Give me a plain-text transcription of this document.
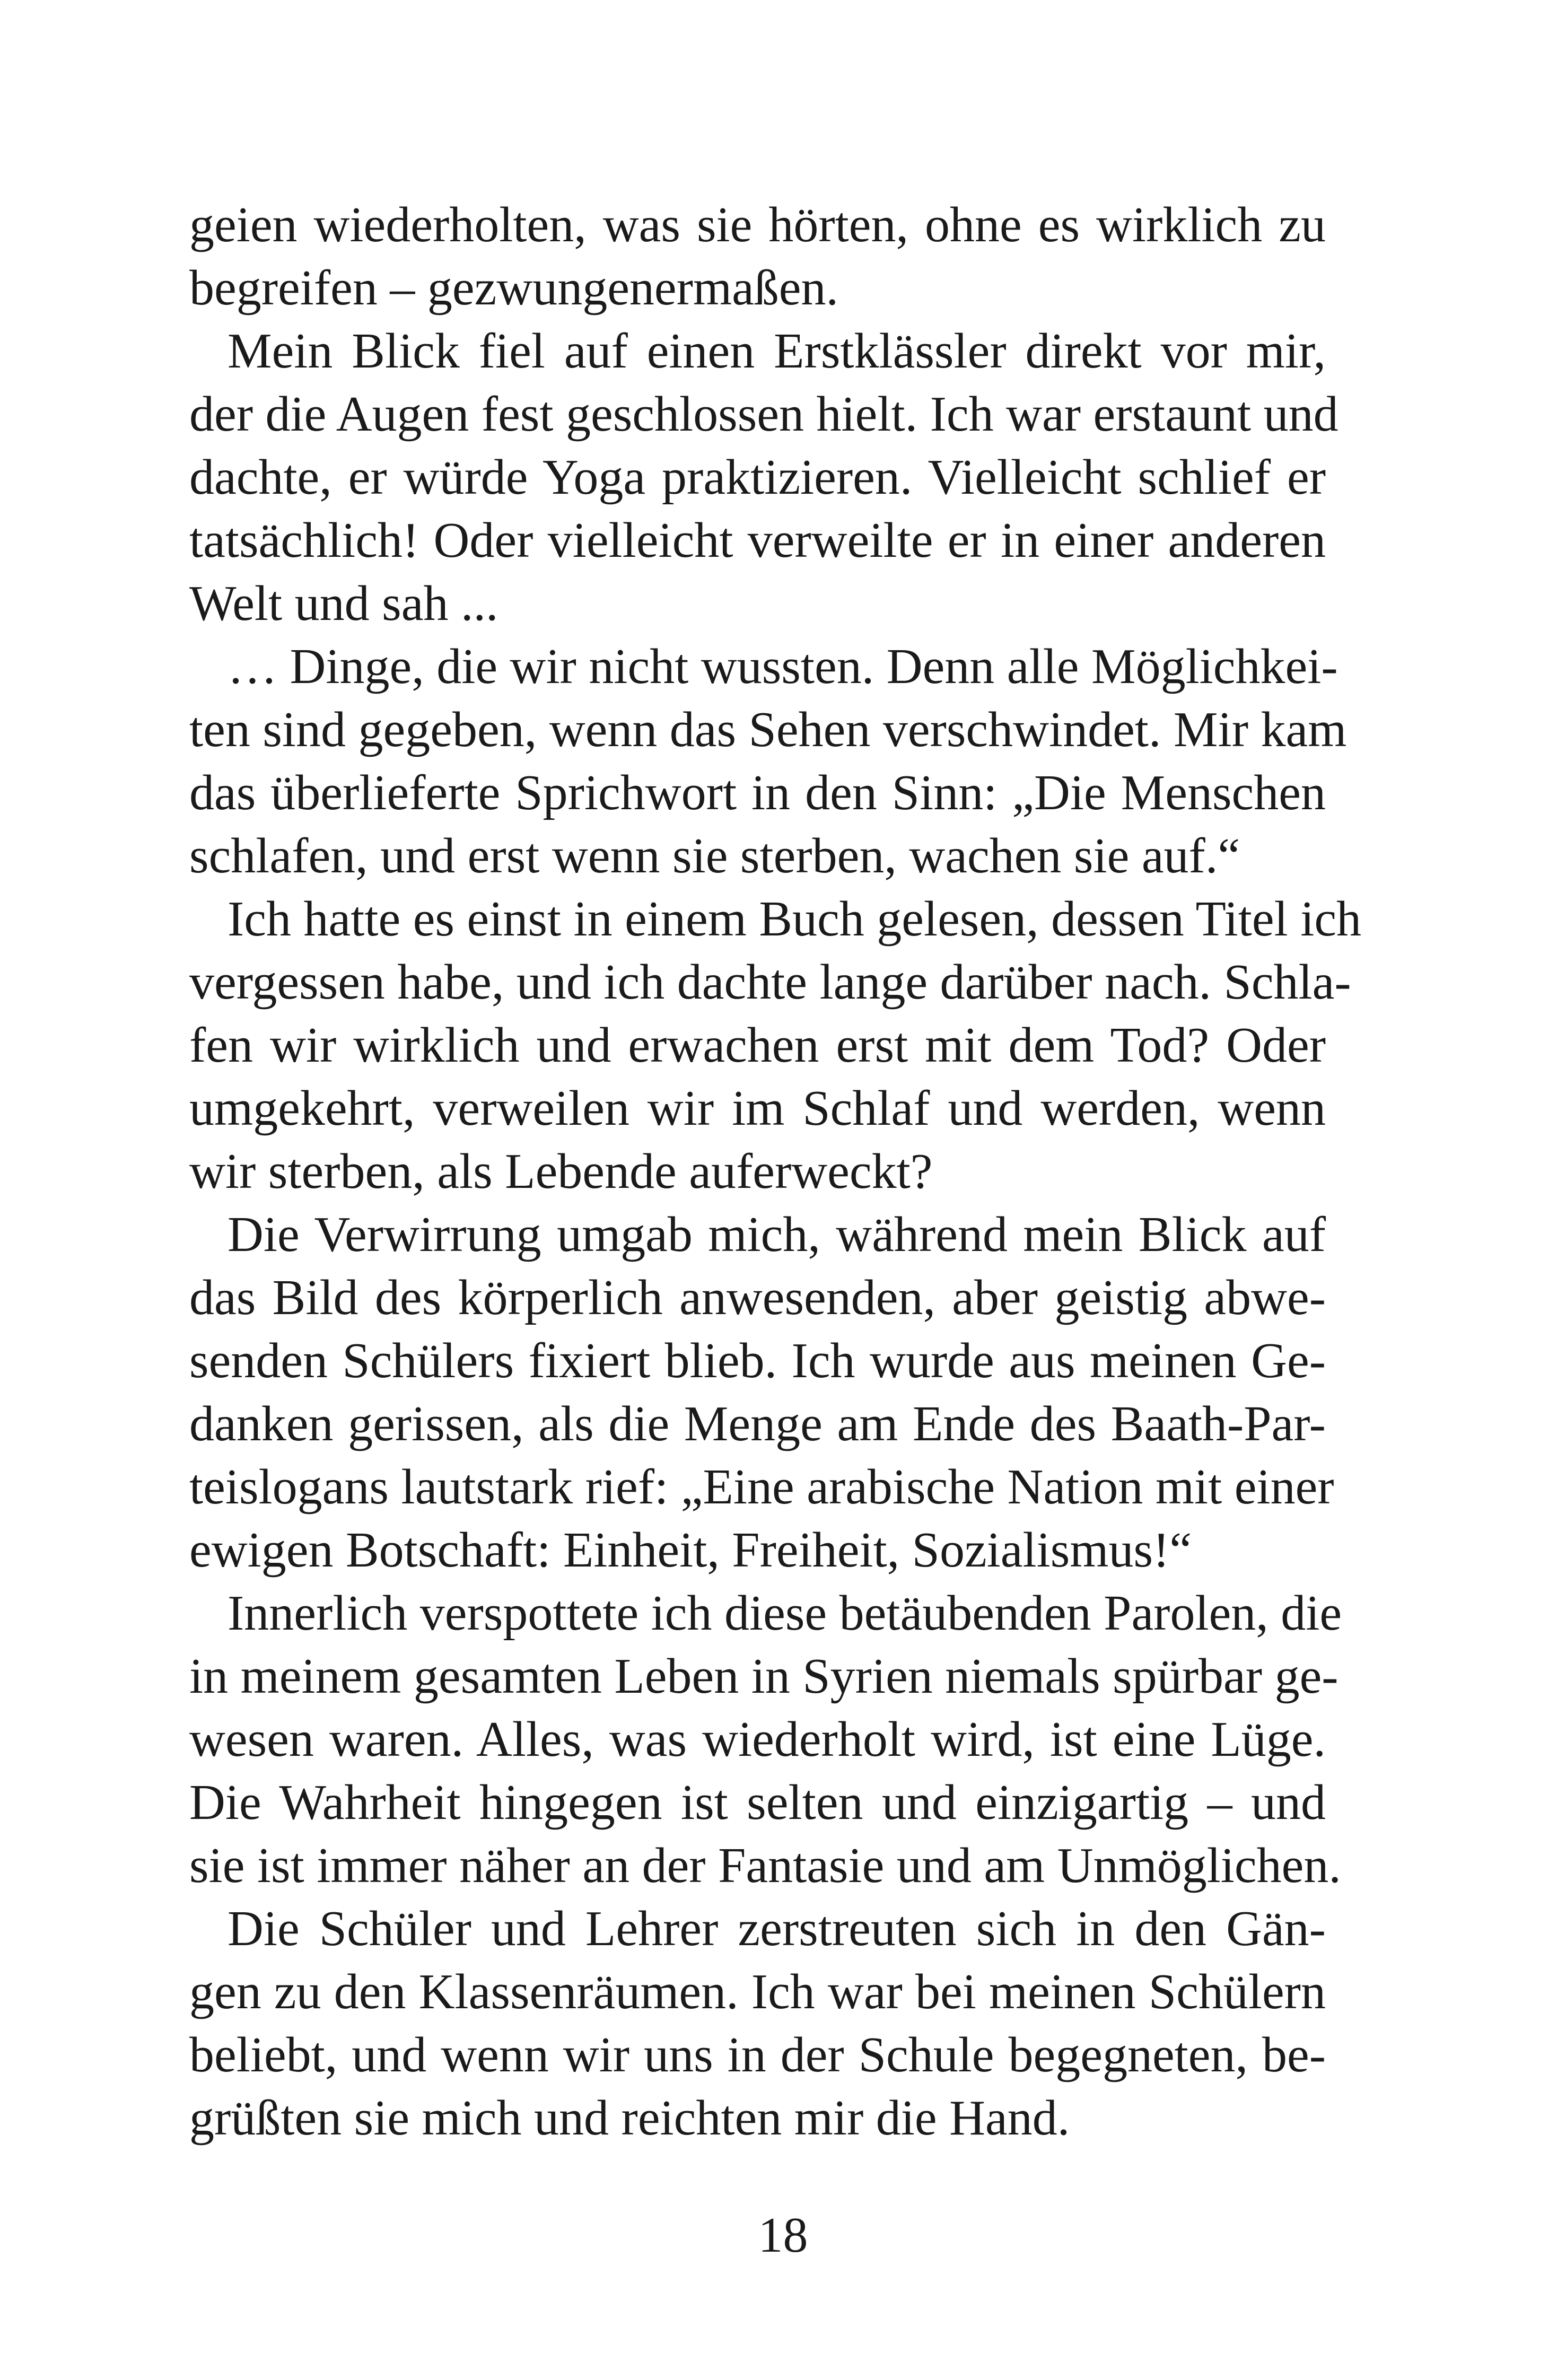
geien wiederholten, was sie hörten, ohne es wirklich zu
begreifen – gezwungenermaßen.
Mein Blick fiel auf einen Erstklässler direkt vor mir,
der die Augen fest geschlossen hielt. Ich war erstaunt und
dachte, er würde Yoga praktizieren. Vielleicht schlief er
tatsächlich! Oder vielleicht verweilte er in einer anderen
Welt und sah ...
… Dinge, die wir nicht wussten. Denn alle Möglichkei-
ten sind gegeben, wenn das Sehen verschwindet. Mir kam
das überlieferte Sprichwort in den Sinn: „Die Menschen
schlafen, und erst wenn sie sterben, wachen sie auf.“
Ich hatte es einst in einem Buch gelesen, dessen Titel ich
vergessen habe, und ich dachte lange darüber nach. Schla-
fen wir wirklich und erwachen erst mit dem Tod? Oder
umgekehrt, verweilen wir im Schlaf und werden, wenn
wir sterben, als Lebende auferweckt?
Die Verwirrung umgab mich, während mein Blick auf
das Bild des körperlich anwesenden, aber geistig abwe-
senden Schülers fixiert blieb. Ich wurde aus meinen Ge-
danken gerissen, als die Menge am Ende des Baath-Par-
teislogans lautstark rief: „Eine arabische Nation mit einer
ewigen Botschaft: Einheit, Freiheit, Sozialismus!“
Innerlich verspottete ich diese betäubenden Parolen, die
in meinem gesamten Leben in Syrien niemals spürbar ge-
wesen waren. Alles, was wiederholt wird, ist eine Lüge.
Die Wahrheit hingegen ist selten und einzigartig – und
sie ist immer näher an der Fantasie und am Unmöglichen.
Die Schüler und Lehrer zerstreuten sich in den Gän-
gen zu den Klassenräumen. Ich war bei meinen Schülern
beliebt, und wenn wir uns in der Schule begegneten, be-
grüßten sie mich und reichten mir die Hand.
18
